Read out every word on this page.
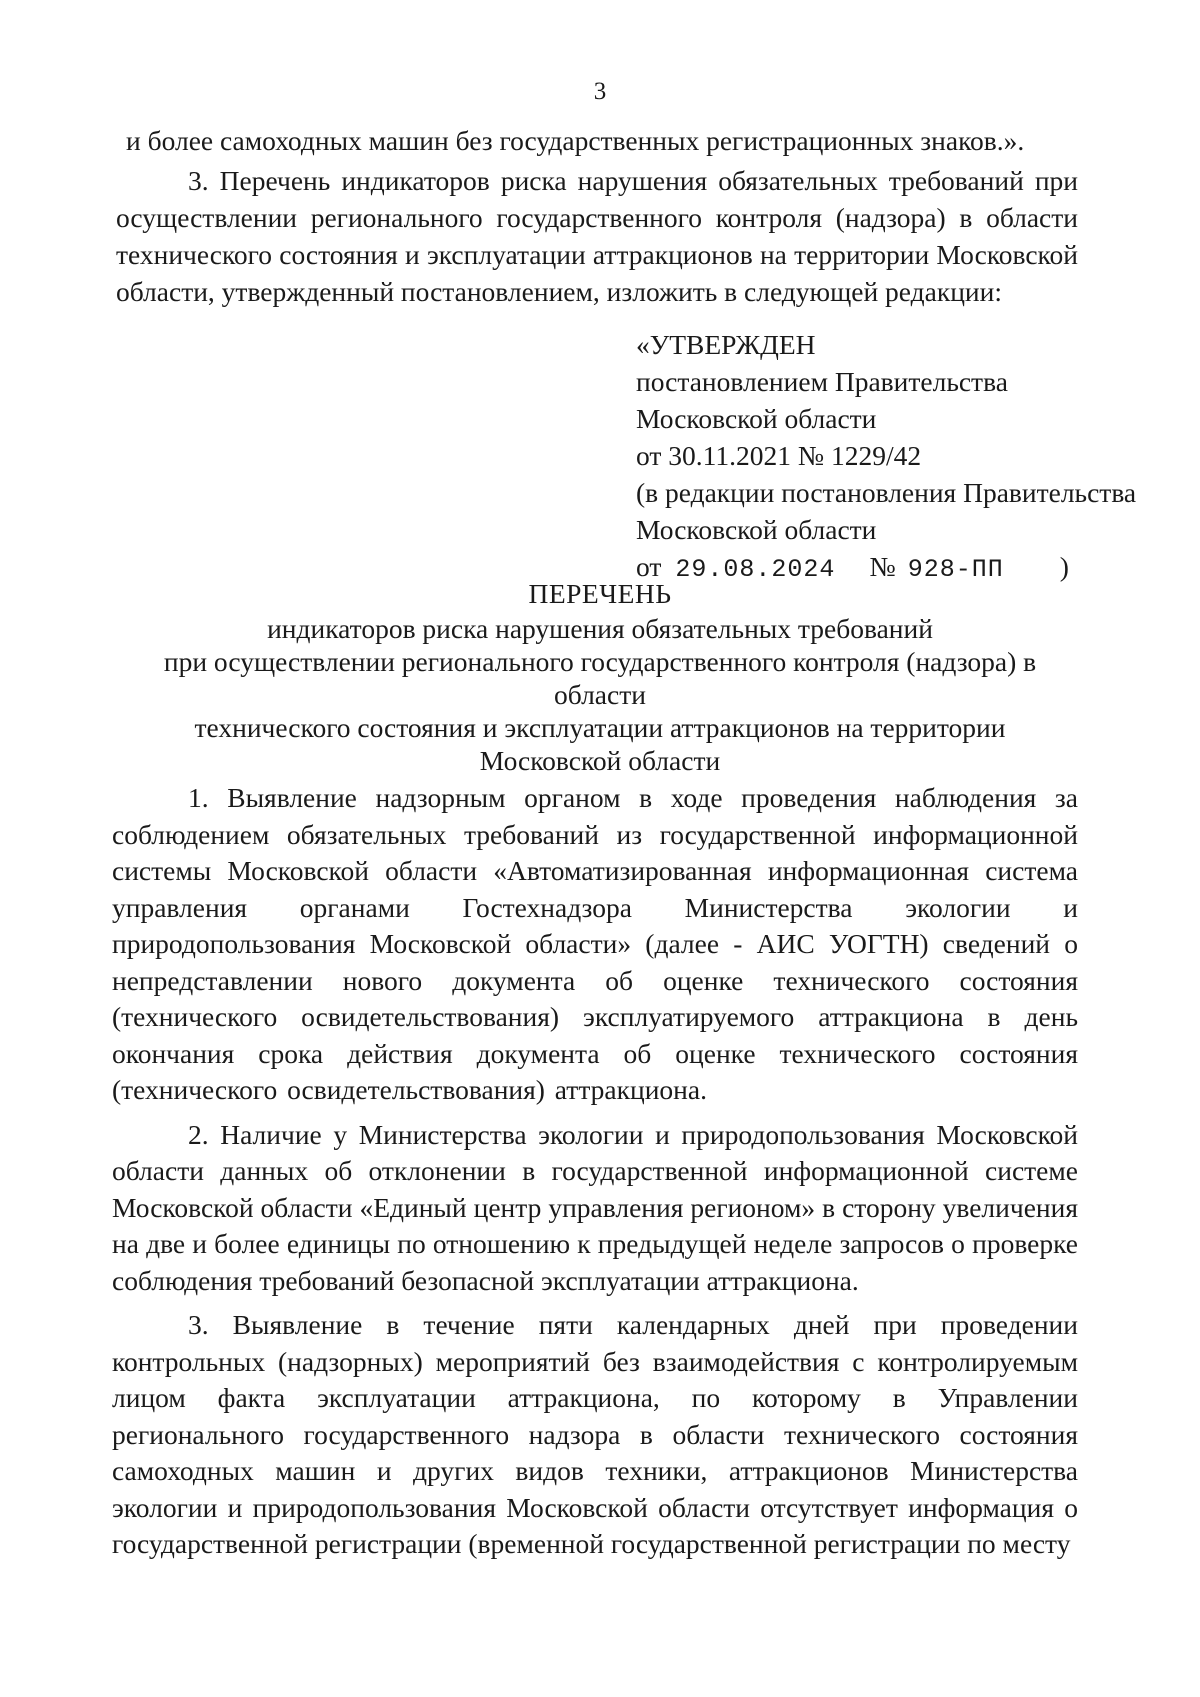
3
и более самоходных машин без государственных регистрационных знаков.».
3. Перечень индикаторов риска нарушения обязательных требований при осуществлении регионального государственного контроля (надзора) в области технического состояния и эксплуатации аттракционов на территории Московской области, утвержденный постановлением, изложить в следующей редакции:
«УТВЕРЖДЕН
постановлением Правительства
Московской области
от 30.11.2021 № 1229/42
(в редакции постановления Правительства
Московской области
от 29.08.2024 № 928-ПП )
ПЕРЕЧЕНЬ
индикаторов риска нарушения обязательных требований
при осуществлении регионального государственного контроля (надзора) в области
технического состояния и эксплуатации аттракционов на территории
Московской области

1. Выявление надзорным органом в ходе проведения наблюдения за соблюдением обязательных требований из государственной информационной системы Московской области «Автоматизированная информационная система управления органами Гостехнадзора Министерства экологии и природопользования Московской области» (далее - АИС УОГТН) сведений о непредставлении нового документа об оценке технического состояния (технического освидетельствования) эксплуатируемого аттракциона в день окончания срока действия документа об оценке технического состояния (технического освидетельствования) аттракциона.

2. Наличие у Министерства экологии и природопользования Московской области данных об отклонении в государственной информационной системе Московской области «Единый центр управления регионом» в сторону увеличения на две и более единицы по отношению к предыдущей неделе запросов о проверке соблюдения требований безопасной эксплуатации аттракциона.

3. Выявление в течение пяти календарных дней при проведении контрольных (надзорных) мероприятий без взаимодействия с контролируемым лицом факта эксплуатации аттракциона, по которому в Управлении регионального государственного надзора в области технического состояния самоходных машин и других видов техники, аттракционов Министерства экологии и природопользования Московской области отсутствует информация о государственной регистрации (временной государственной регистрации по месту
